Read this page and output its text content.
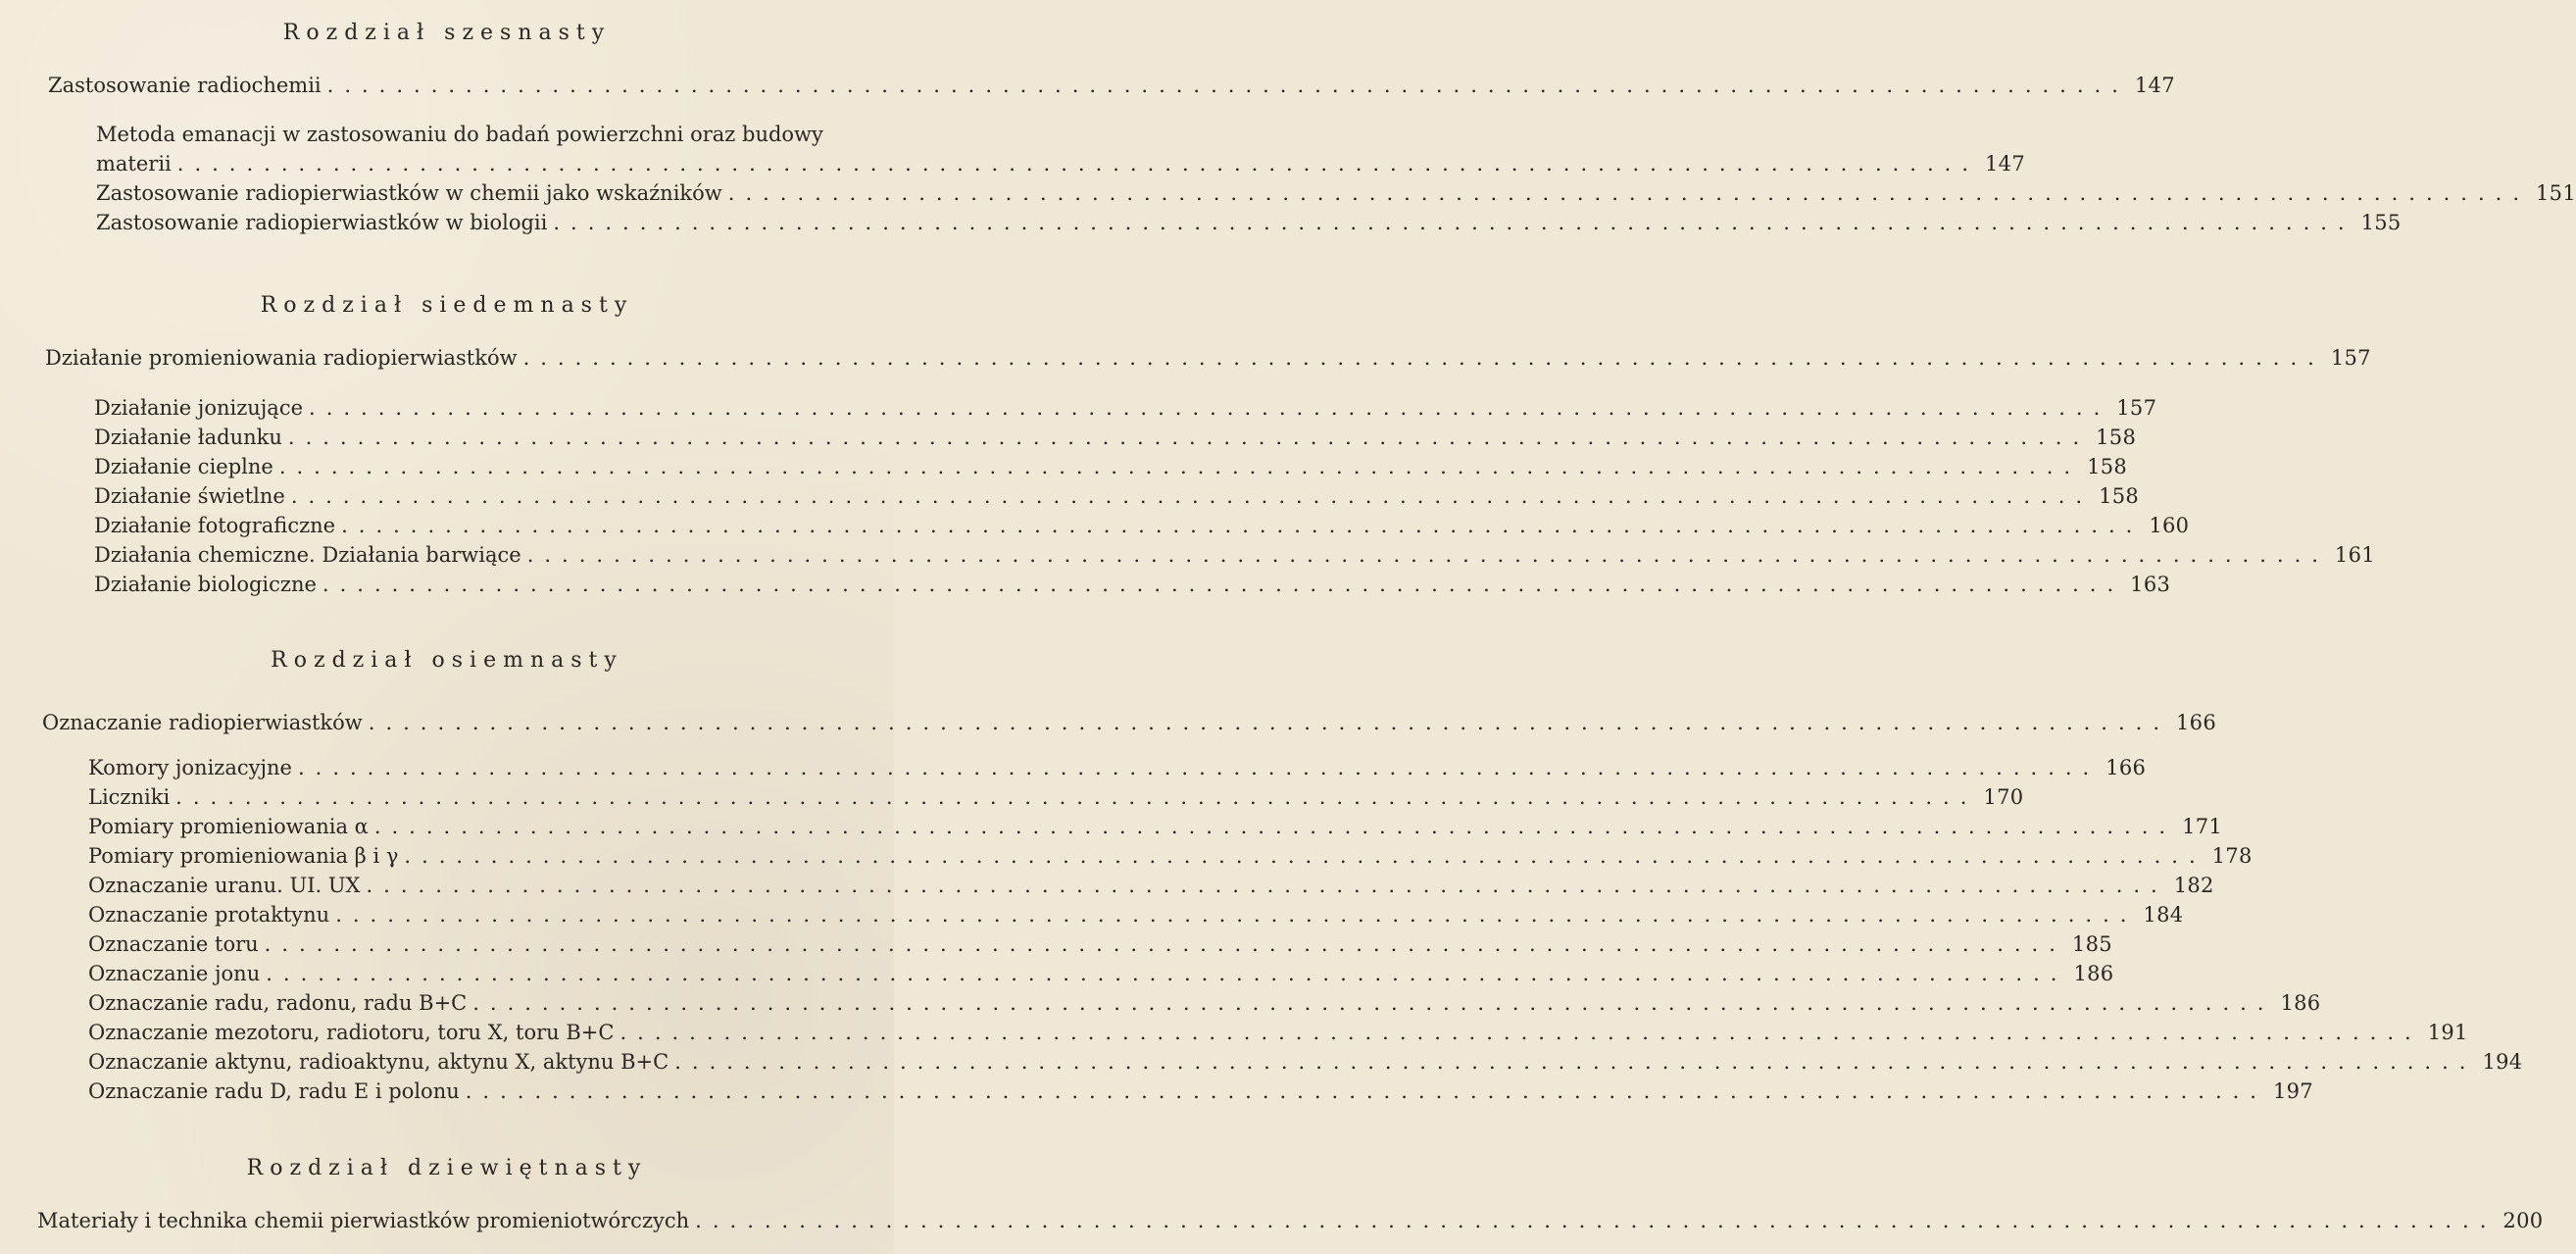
Rozdział szesnasty
Zastosowanie radiochemii ........................................................................................................ 147
Metoda emanacji w zastosowaniu do badań powierzchni oraz budowy
materii ........................................................................................................ 147
Zastosowanie radiopierwiastków w chemii jako wskaźników ........................................................................................................ 151
Zastosowanie radiopierwiastków w biologii ........................................................................................................ 155
Rozdział siedemnasty
Działanie promieniowania radiopierwiastków ........................................................................................................ 157
Działanie jonizujące ........................................................................................................ 157
Działanie ładunku ........................................................................................................ 158
Działanie cieplne ........................................................................................................ 158
Działanie świetlne ........................................................................................................ 158
Działanie fotograficzne ........................................................................................................ 160
Działania chemiczne. Działania barwiące ........................................................................................................ 161
Działanie biologiczne ........................................................................................................ 163
Rozdział osiemnasty
Oznaczanie radiopierwiastków ........................................................................................................ 166
Komory jonizacyjne ........................................................................................................ 166
Liczniki ........................................................................................................ 170
Pomiary promieniowania α ........................................................................................................ 171
Pomiary promieniowania β i γ ........................................................................................................ 178
Oznaczanie uranu. UI. UX ........................................................................................................ 182
Oznaczanie protaktynu ........................................................................................................ 184
Oznaczanie toru ........................................................................................................ 185
Oznaczanie jonu ........................................................................................................ 186
Oznaczanie radu, radonu, radu B+C ........................................................................................................ 186
Oznaczanie mezotoru, radiotoru, toru X, toru B+C ........................................................................................................ 191
Oznaczanie aktynu, radioaktynu, aktynu X, aktynu B+C ........................................................................................................ 194
Oznaczanie radu D, radu E i polonu ........................................................................................................ 197
Rozdział dziewiętnasty
Materiały i technika chemii pierwiastków promieniotwórczych ........................................................................................................ 200
